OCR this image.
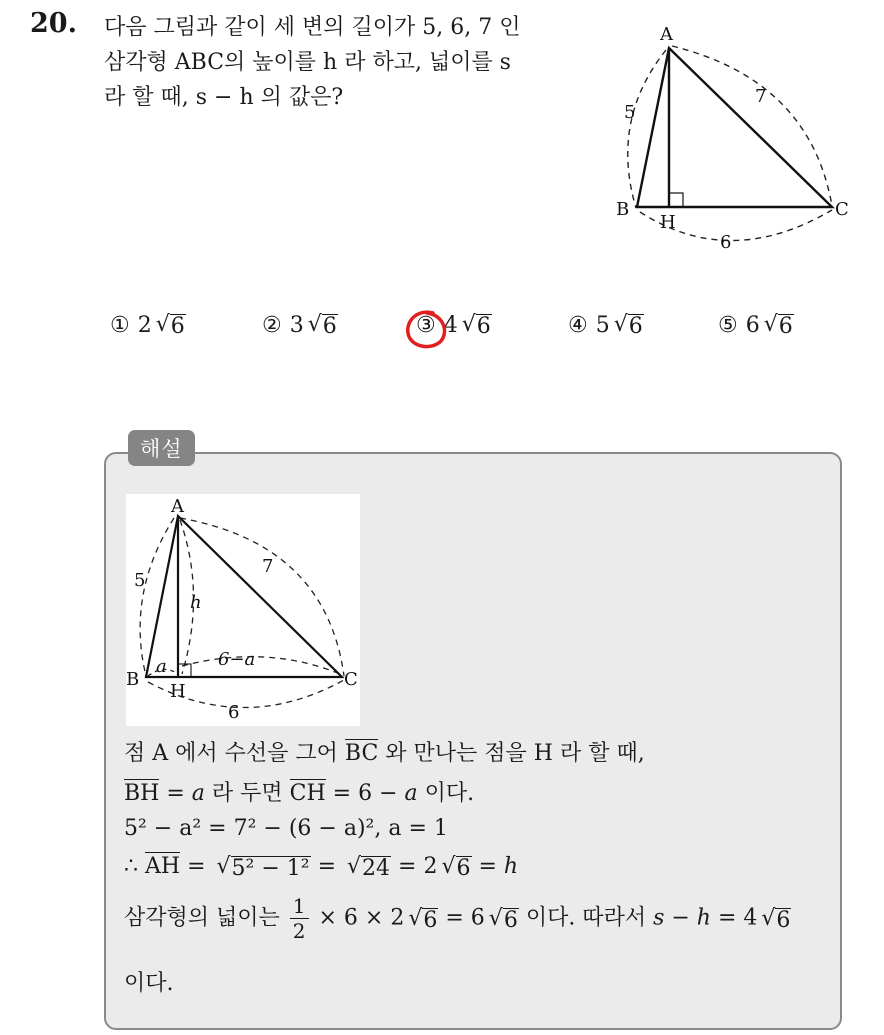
20. 다음 그림과 같이 세 변의 길이가 5, 6, 7 인
삼각형 ABC의 높이를 h 라 하고, 넓이를 s
라 할 때, s − h 의 값은?
A
B	C
H
5
7
6
① 2 √ 6	② 3 √ 6	③ 4 √ 6	④ 5 √ 6	⑤ 6 √ 6
해설
A
B	C
H
5
7
6
h
a	6−a
점 A 에서 수선을 그어 BC 와 만나는 점을 H 라 할 때,
BH = a 라 두면 CH = 6 − a 이다.
5² − a² = 7² − (6 − a)², a = 1
∴ AH = √ 5² − 1² = √ 24 = 2 √ 6 = h
삼각형의 넓이는 $\frac{1}{2} \times 6 \times 2$ √ 6 = 6 √ 6 이다. 따라서 s − h = 4 √ 6
이다.
